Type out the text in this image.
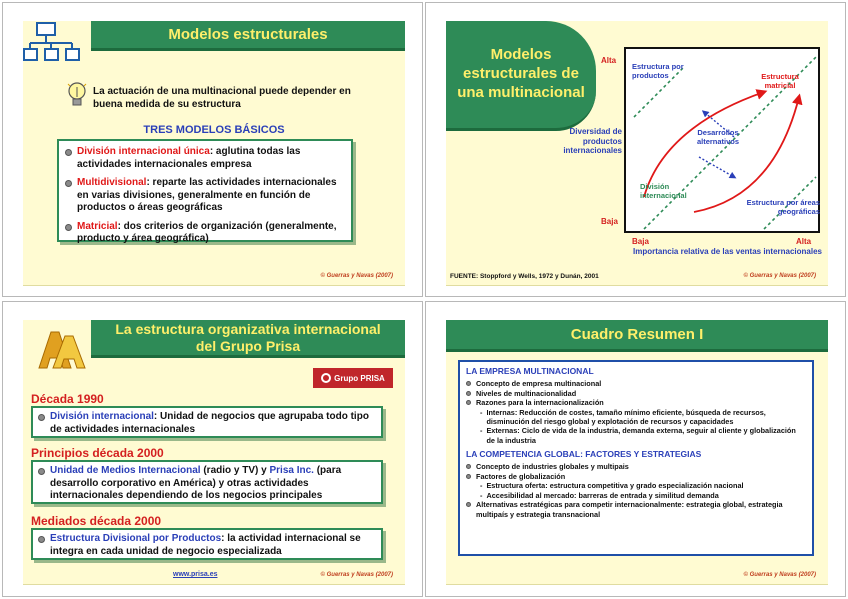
Modelos estructurales
La actuación de una multinacional puede depender en buena medida de su estructura
TRES MODELOS BÁSICOS
División internacional única: aglutina todas las actividades internacionales empresa
Multidivisional: reparte las actividades internacionales en varias divisiones, generalmente en función de productos o áreas geográficas
Matricial: dos criterios de organización (generalmente, producto y área geográfica)
© Guerras y Navas (2007)
Modelos estructurales de una multinacional
Alta
Baja
Diversidad de productos internacionales
Estructura por productos	Estructura matricial
Desarrollos alternativos
División internacional
Estructura por áreas geográficas
Baja	Alta
Importancia relativa de las ventas internacionales
FUENTE: Stoppford y Wells, 1972 y Dunán, 2001	© Guerras y Navas (2007)
La estructura organizativa internacional del Grupo Prisa
Grupo PRISA
Década 1990
División internacional: Unidad de negocios que agrupaba todo tipo de actividades internacionales
Principios década 2000
Unidad de Medios Internacional (radio y TV) y Prisa Inc. (para desarrollo corporativo en América) y otras actividades internacionales dependiendo de los negocios principales
Mediados década 2000
Estructura Divisional por Productos: la actividad internacional se integra en cada unidad de negocio especializada
www.prisa.es	© Guerras y Navas (2007)
Cuadro Resumen I
LA EMPRESA MULTINACIONAL
Concepto de empresa multinacional
Niveles de multinacionalidad
Razones para la internacionalización
- Internas: Reducción de costes, tamaño mínimo eficiente, búsqueda de recursos, disminución del riesgo global y explotación de recursos y capacidades
- Externas: Ciclo de vida de la industria, demanda externa, seguir al cliente y globalización de la industria
LA COMPETENCIA GLOBAL: FACTORES Y ESTRATEGIAS
Concepto de industries globales y multipais
Factores de globalización
- Estructura oferta: estructura competitiva y grado especialización nacional
- Accesibilidad al mercado: barreras de entrada y similitud demanda
Alternativas estratégicas para competir internacionalmente: estrategia global, estrategia multipaís y estrategia transnacional
© Guerras y Navas (2007)
